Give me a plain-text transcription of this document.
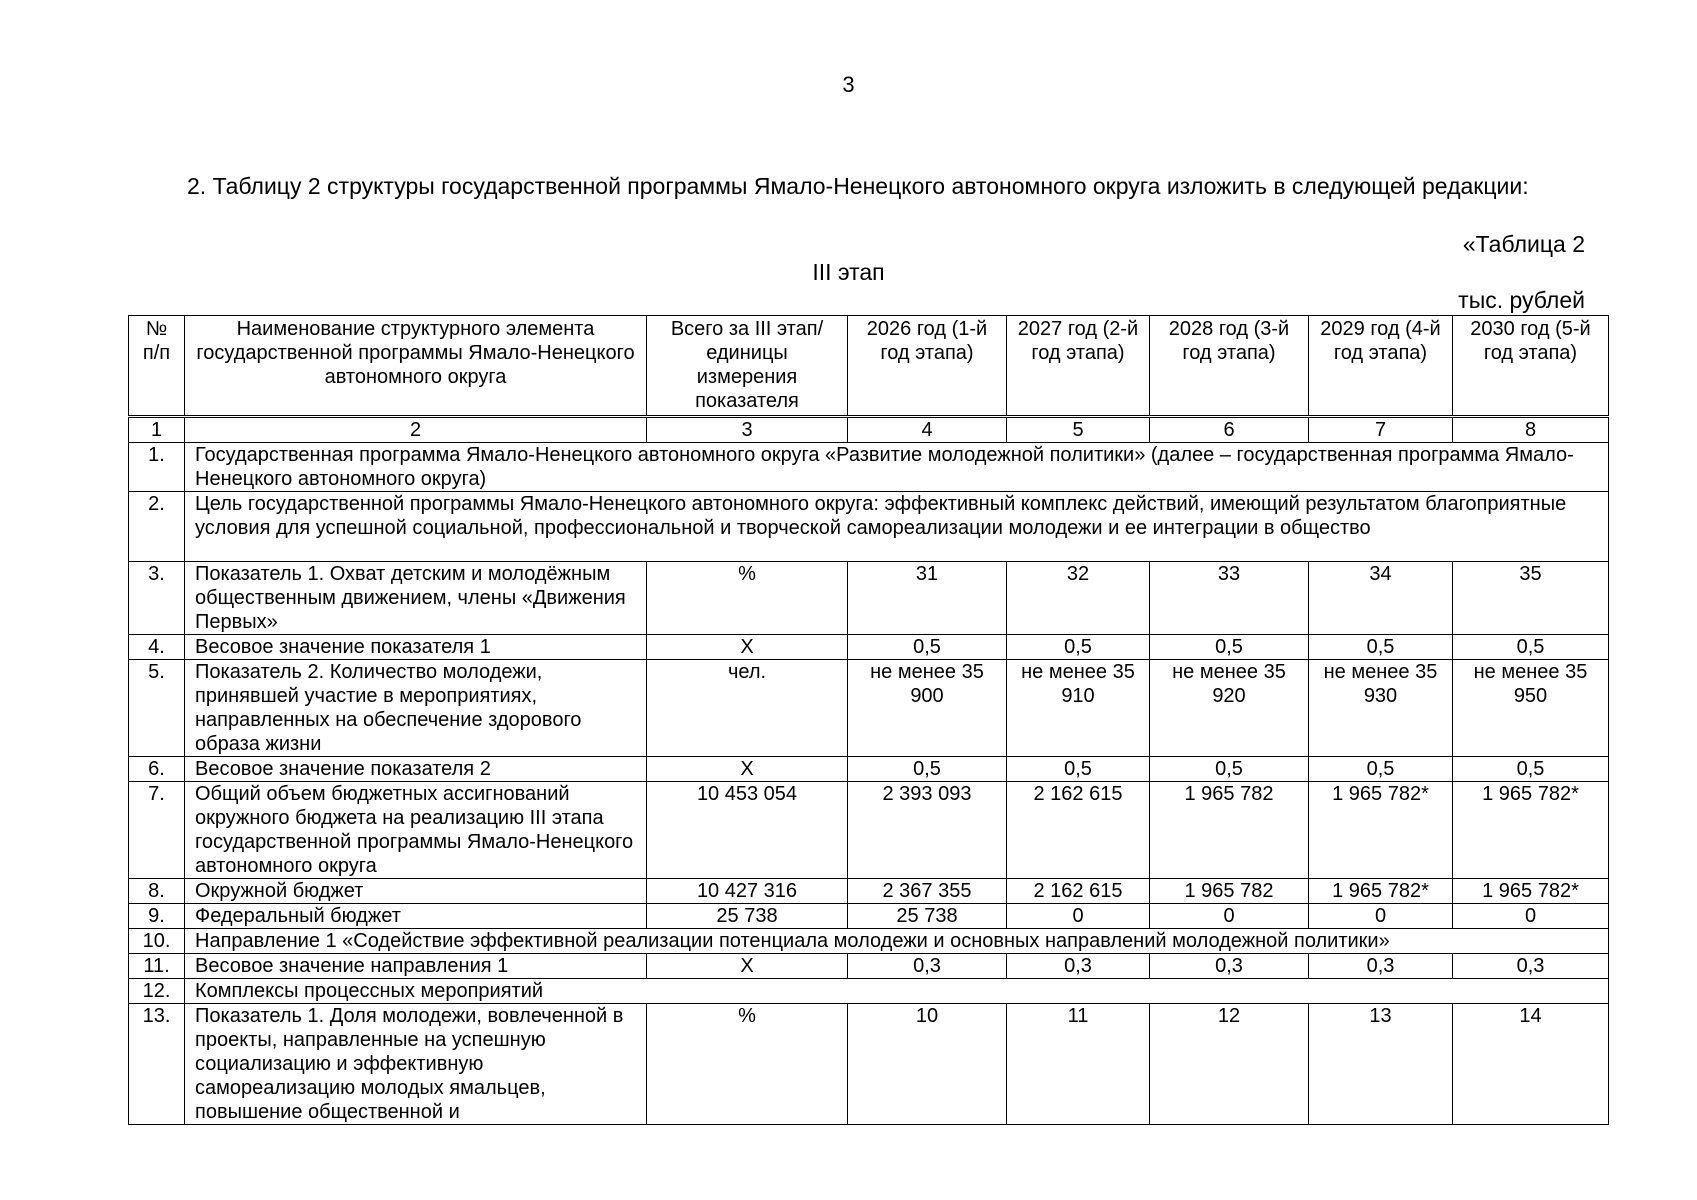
3

2. Таблицу 2 структуры государственной программы Ямало-Ненецкого автономного округа изложить в следующей редакции:

«Таблица 2
III этап
тыс. рублей
№ п/п	Наименование структурного элемента государственной программы Ямало-Ненецкого автономного округа	Всего за III этап/ единицы измерения показателя	2026 год (1-й год этапа)	2027 год (2-й год этапа)	2028 год (3-й год этапа)	2029 год (4-й год этапа)	2030 год (5-й год этапа)
1	2	3	4	5	6	7	8
1.	Государственная программа Ямало-Ненецкого автономного округа «Развитие молодежной политики» (далее – государственная программа Ямало-Ненецкого автономного округа)						
2.	Цель государственной программы Ямало-Ненецкого автономного округа: эффективный комплекс действий, имеющий результатом благоприятные условия для успешной социальной, профессиональной и творческой самореализации молодежи и ее интеграции в общество						
3.	Показатель 1. Охват детским и молодёжным общественным движением, члены «Движения Первых»	%	31	32	33	34	35
4.	Весовое значение показателя 1	Х	0,5	0,5	0,5	0,5	0,5
5.	Показатель 2. Количество молодежи, принявшей участие в мероприятиях, направленных на обеспечение здорового образа жизни	чел.	не менее 35 900	не менее 35 910	не менее 35 920	не менее 35 930	не менее 35 950
6.	Весовое значение показателя 2	Х	0,5	0,5	0,5	0,5	0,5
7.	Общий объем бюджетных ассигнований окружного бюджета на реализацию III этапа государственной программы Ямало-Ненецкого автономного округа	10 453 054	2 393 093	2 162 615	1 965 782	1 965 782*	1 965 782*
8.	Окружной бюджет	10 427 316	2 367 355	2 162 615	1 965 782	1 965 782*	1 965 782*
9.	Федеральный бюджет	25 738	25 738	0	0	0	0
10.	Направление 1 «Содействие эффективной реализации потенциала молодежи и основных направлений молодежной политики»						
11.	Весовое значение направления 1	Х	0,3	0,3	0,3	0,3	0,3
12.	Комплексы процессных мероприятий						
13.	Показатель 1. Доля молодежи, вовлеченной в проекты, направленные на успешную социализацию и эффективную самореализацию молодых ямальцев, повышение общественной и	%	10	11	12	13	14
